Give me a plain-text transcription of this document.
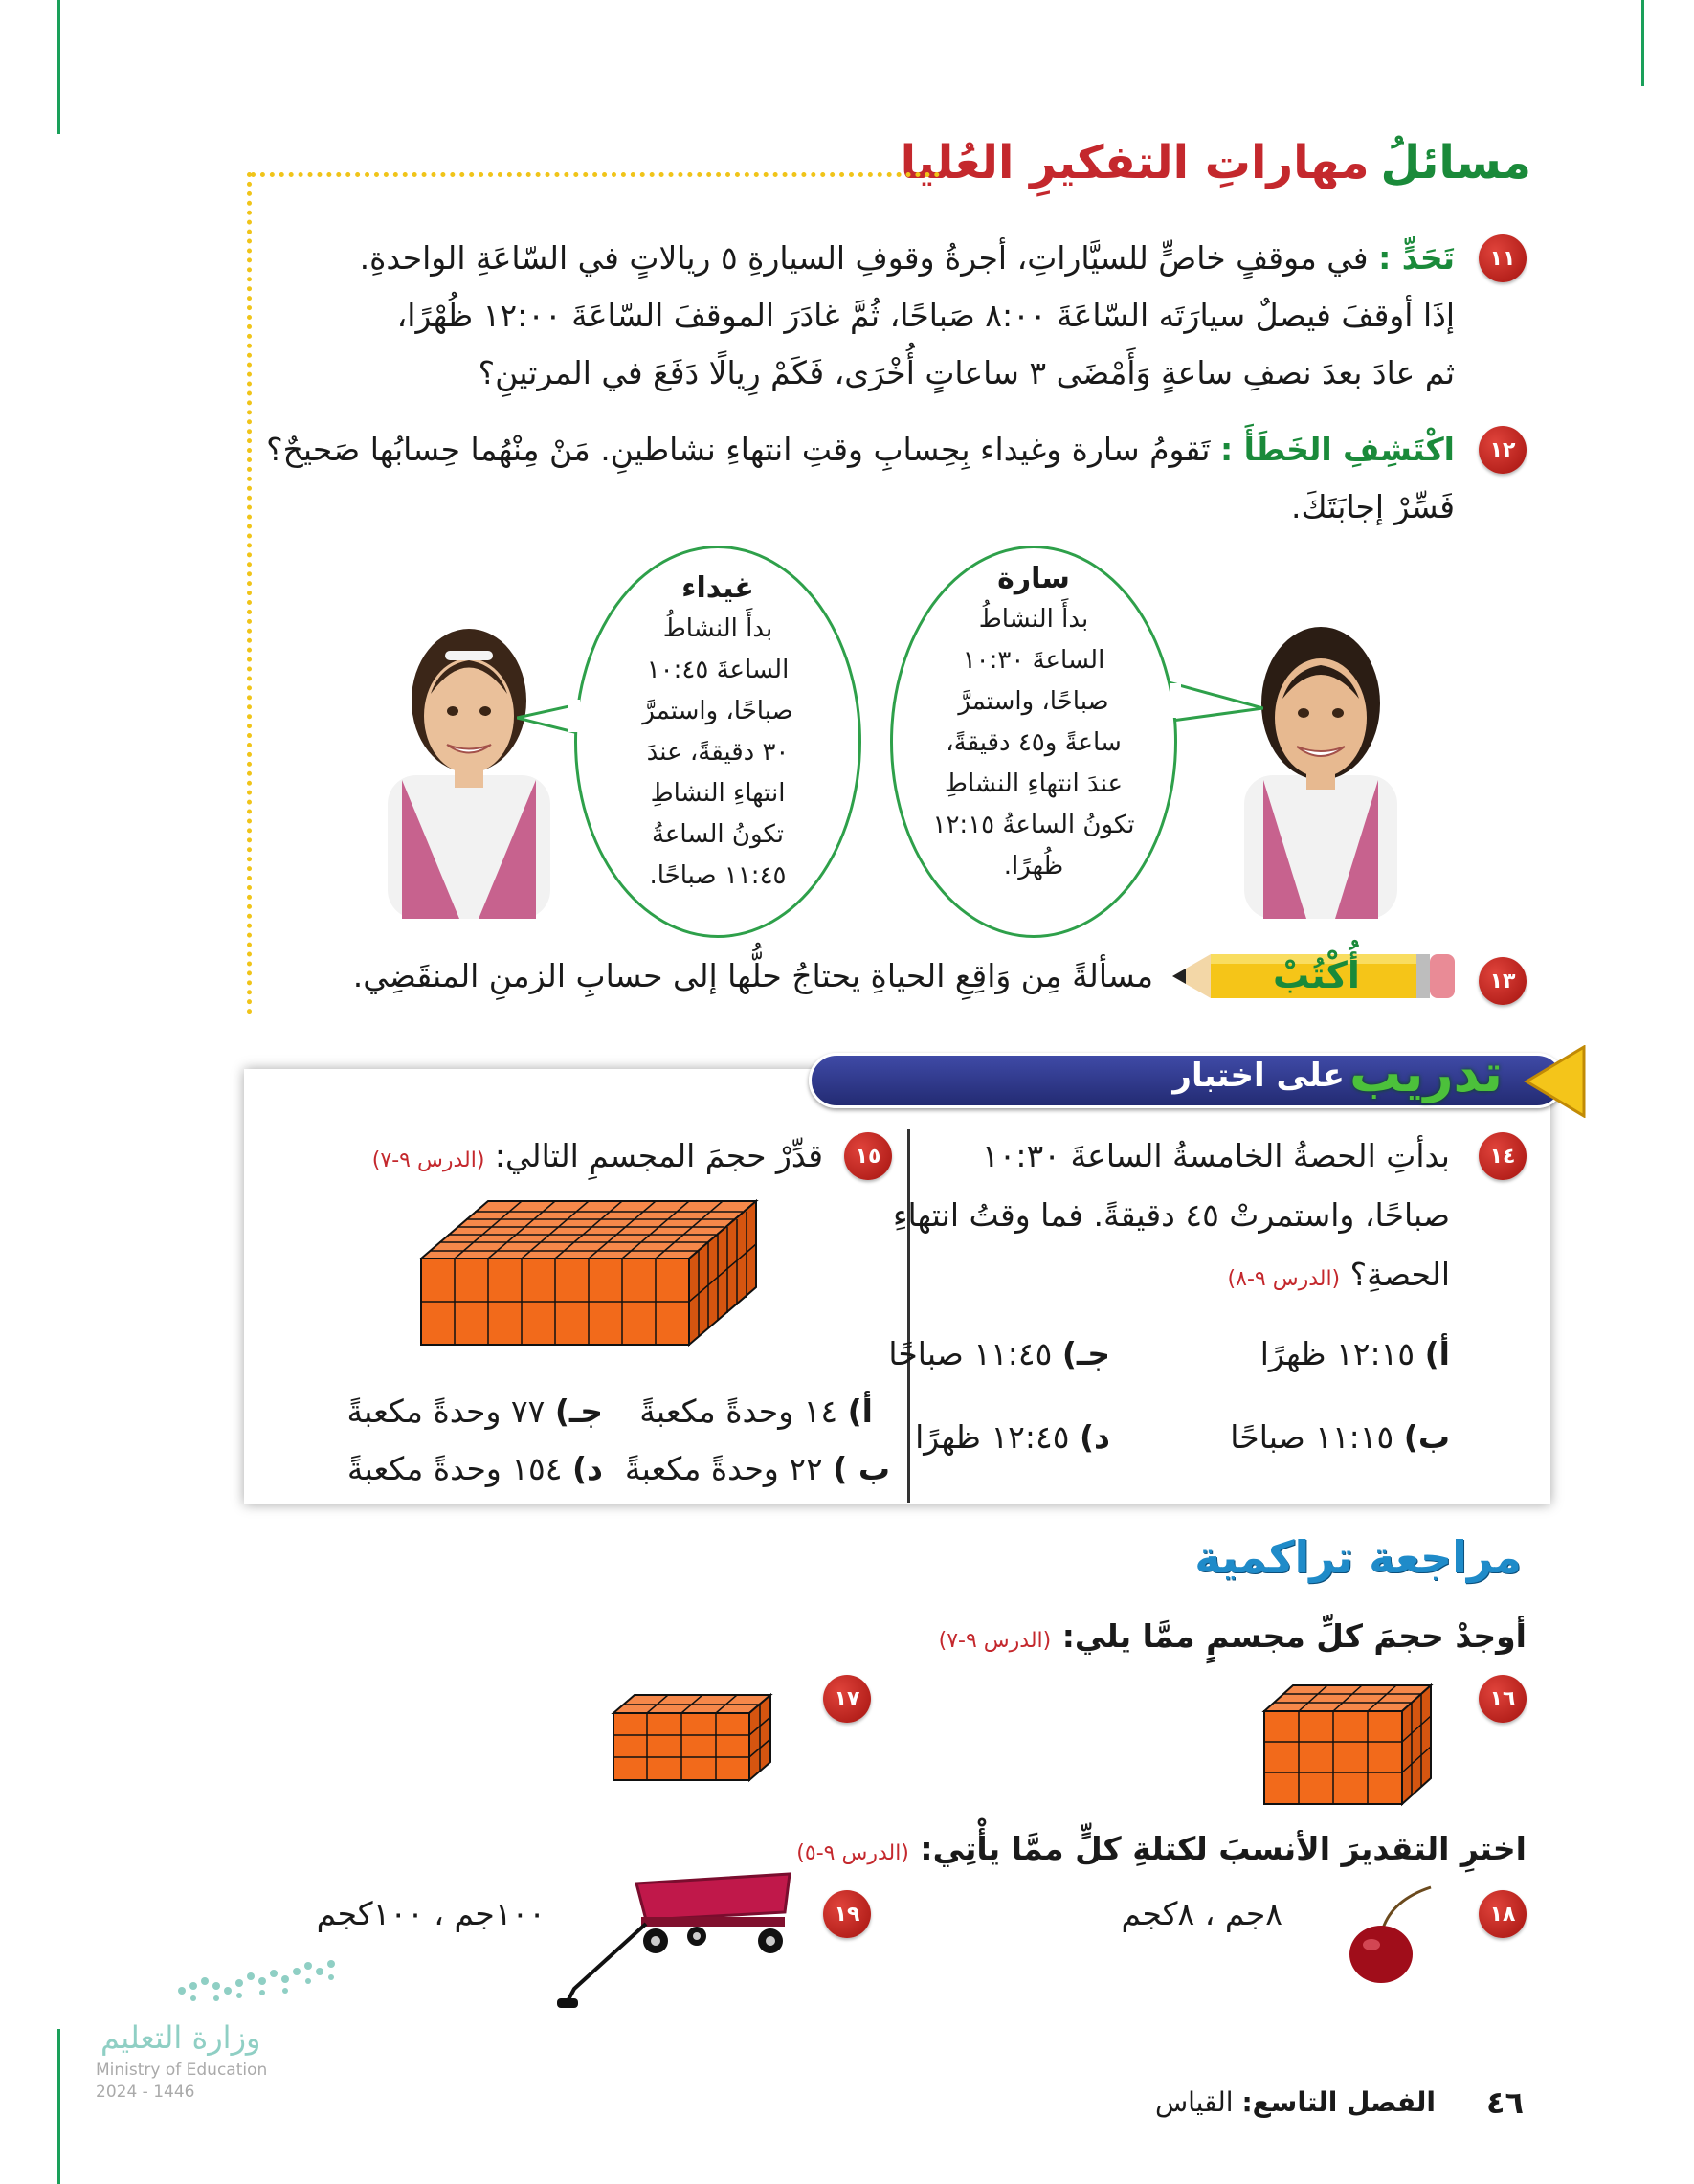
مسائلُ
مهاراتِ التفكيرِ العُليا
١١
تَحَدٍّ : في موقفٍ خاصٍّ للسيَّاراتِ، أجرةُ وقوفِ السيارةِ ٥ ريالاتٍ في السّاعَةِ الواحدةِ.
إذَا أوقفَ فيصلٌ سيارَتَه السّاعَةَ ٨:٠٠ صَباحًا، ثُمَّ غادَرَ الموقفَ السّاعَةَ ١٢:٠٠ ظُهْرًا،
ثم عادَ بعدَ نصفِ ساعةٍ وَأَمْضَى ٣ ساعاتٍ أُخْرَى، فَكَمْ رِيالًا دَفَعَ في المرتينِ؟
١٢
اكْتَشِفِ الخَطَأَ : تَقومُ سارة وغيداء بِحِسابِ وقتِ انتهاءِ نشاطينِ. مَنْ مِنْهُما حِسابُها صَحيحٌ؟
فَسِّرْ إجابَتَكَ.
سارة
بدأَ النشاطُ
الساعةَ ١٠:٣٠
صباحًا، واستمرَّ
ساعةً و٤٥ دقيقةً،
عندَ انتهاءِ النشاطِ
تكونُ الساعةُ ١٢:١٥
ظُهرًا.
غيداء
بدأَ النشاطُ
الساعةَ ١٠:٤٥
صباحًا، واستمرَّ
٣٠ دقيقةً، عندَ
انتهاءِ النشاطِ
تكونُ الساعةُ
١١:٤٥ صباحًا.
١٣
أُكْتُبْ
مسألةً مِن وَاقِعِ الحياةِ يحتاجُ حلُّها إلى حسابِ الزمنِ المنقَضِي.
تدريب
على اختبار
١٤
بدأتِ الحصةُ الخامسةُ الساعةَ ١٠:٣٠
صباحًا، واستمرتْ ٤٥ دقيقةً. فما وقتُ انتهاءِ
الحصةِ؟ (الدرس ٩-٨)
أ) ١٢:١٥ ظهرًا
جـ) ١١:٤٥ صباحًا
ب) ١١:١٥ صباحًا
د) ١٢:٤٥ ظهرًا
١٥
قدِّرْ حجمَ المجسمِ التالي: (الدرس ٩-٧)
أ) ١٤ وحدةً مكعبةً
جـ) ٧٧ وحدةً مكعبةً
ب ) ٢٢ وحدةً مكعبةً
د) ١٥٤ وحدةً مكعبةً
مراجعة تراكمية
أوجدْ حجمَ كلِّ مجسمٍ ممَّا يلي: (الدرس ٩-٧)
١٦
١٧
اخترِ التقديرَ الأنسبَ لكتلةِ كلٍّ ممَّا يأْتِي: (الدرس ٩-٥)
١٨
٨جم ، ٨كجم
١٩
١٠٠جم ، ١٠٠كجم
وزارة التعليم
Ministry of Education
2024 - 1446	٤٦
الفصل التاسع: القياس
